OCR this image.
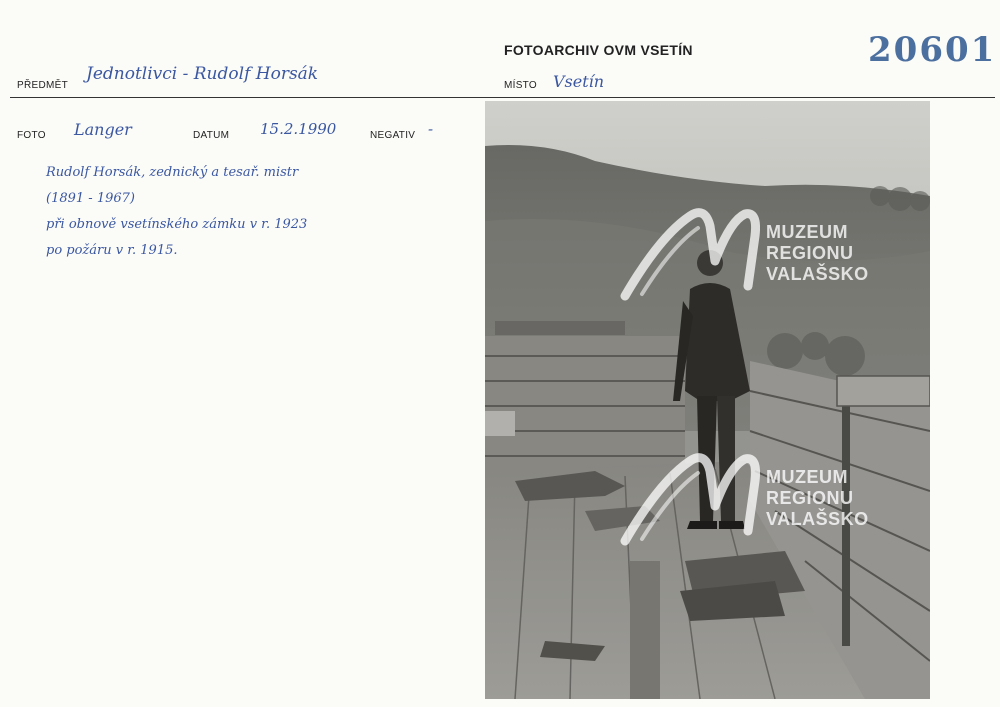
FOTOARCHIV OVM VSETÍN	20601
PŘEDMĚT
Jednotlivci - Rudolf Horsák
MÍSTO Vsetín
FOTO Langer	DATUM 15.2.1990	NEGATIV -
Rudolf Horsák, zednický a tesař. mistr
(1891 - 1967)
při obnově vsetínského zámku v r. 1923
po požáru v r. 1915.
MUZEUM
REGIONU
VALAŠSKO
MUZEUM
REGIONU
VALAŠSKO
